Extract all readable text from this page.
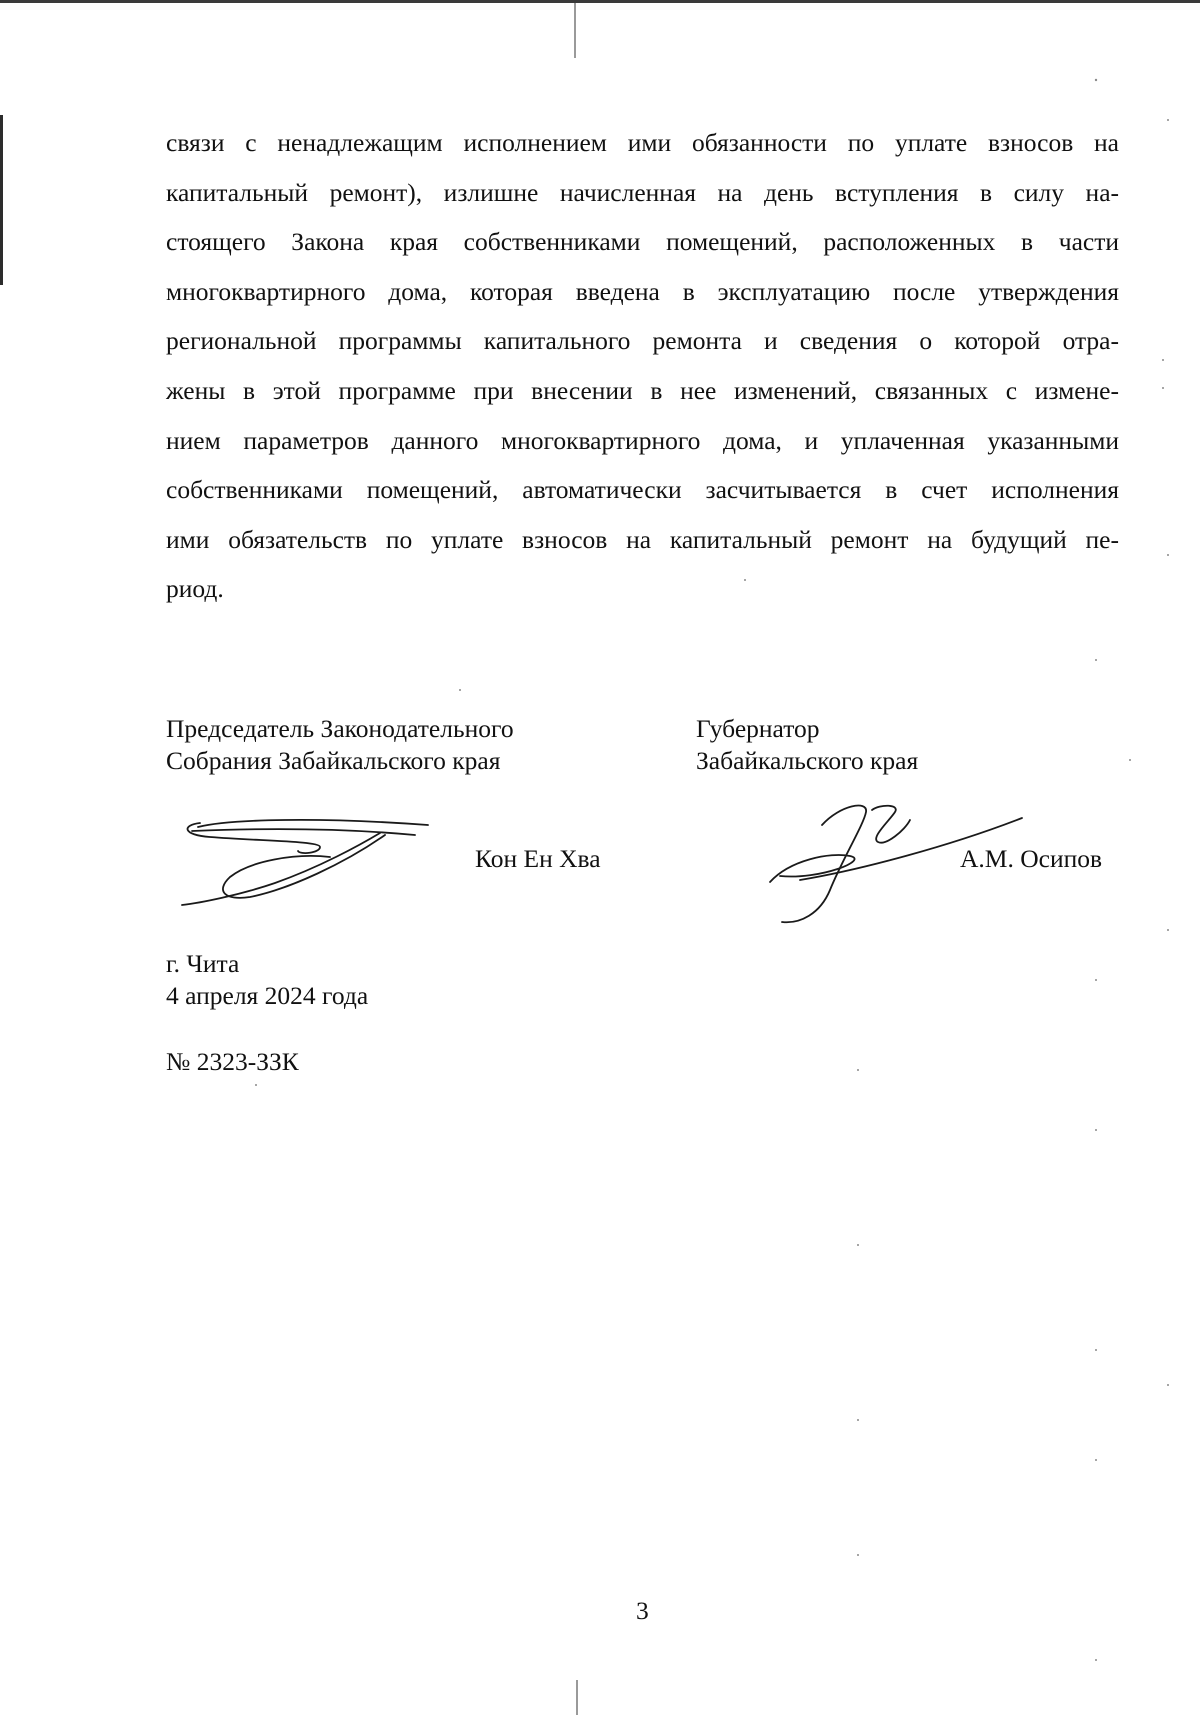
связи с ненадлежащим исполнением ими обязанности по уплате взносов на
капитальный ремонт), излишне начисленная на день вступления в силу на-
стоящего Закона края собственниками помещений, расположенных в части
многоквартирного дома, которая введена в эксплуатацию после утверждения
региональной программы капитального ремонта и сведения о которой отра-
жены в этой программе при внесении в нее изменений, связанных с измене-
нием параметров данного многоквартирного дома, и уплаченная указанными
собственниками помещений, автоматически засчитывается в счет исполнения
ими обязательств по уплате взносов на капитальный ремонт на будущий пе-
риод.
Председатель Законодательного
Собрания Забайкальского края
Кон Ен Хва
Губернатор
Забайкальского края
А.М. Осипов
г. Чита
4 апреля 2024 года
№ 2323-ЗЗК
3
